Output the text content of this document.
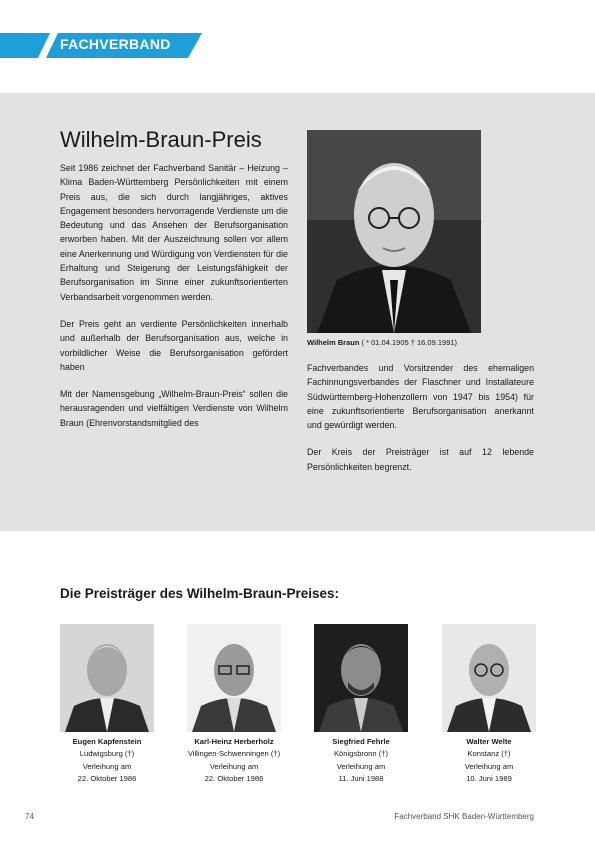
FACHVERBAND
Wilhelm-Braun-Preis

Seit 1986 zeichnet der Fachverband Sanitär – Heizung – Klima Baden-Württemberg Persönlichkeiten mit einem Preis aus, die sich durch langjähriges, aktives Engagement besonders hervorragende Verdienste um die Bedeutung und das Ansehen der Berufsorganisation erworben haben. Mit der Auszeichnung sollen vor allem eine Anerkennung und Würdigung von Verdiensten für die Erhaltung und Steigerung der Leistungsfähigkeit der Berufsorganisation im Sinne einer zukunftsorientierten Verbandsarbeit vorgenommen werden.

Der Preis geht an verdiente Persönlichkeiten innerhalb und außerhalb der Berufsorganisation aus, welche in vorbildlicher Weise die Berufsorganisation gefördert haben

Mit der Namensgebung „Wilhelm-Braun-Preis“ sollen die herausragenden und vielfältigen Verdienste von Wilhelm Braun (Ehrenvorstandsmitglied des

Wilhelm Braun ( * 01.04.1905 † 16.09.1991)

Fachverbandes und Vorsitzender des ehemaligen Fachinnungsverbandes der Flaschner und Installateure Südwürttemberg-Hohenzollern von 1947 bis 1954) für eine zukunftsorientierte Berufsorganisation anerkannt und gewürdigt werden.

Der Kreis der Preisträger ist auf 12 lebende Persönlichkeiten begrenzt.

Die Preisträger des Wilhelm-Braun-Preises:
Eugen Kapfenstein
Ludwigsburg (†)
Verleihung am
22. Oktober 1986
Karl-Heinz Herberholz
Villingen-Schwenningen (†)
Verleihung am
22. Oktober 1986
Siegfried Fehrle
Königsbronn (†)
Verleihung am
11. Juni 1988
Walter Welte
Konstanz (†)
Verleihung am
10. Juni 1989
74	Fachverband SHK Baden-Württemberg
